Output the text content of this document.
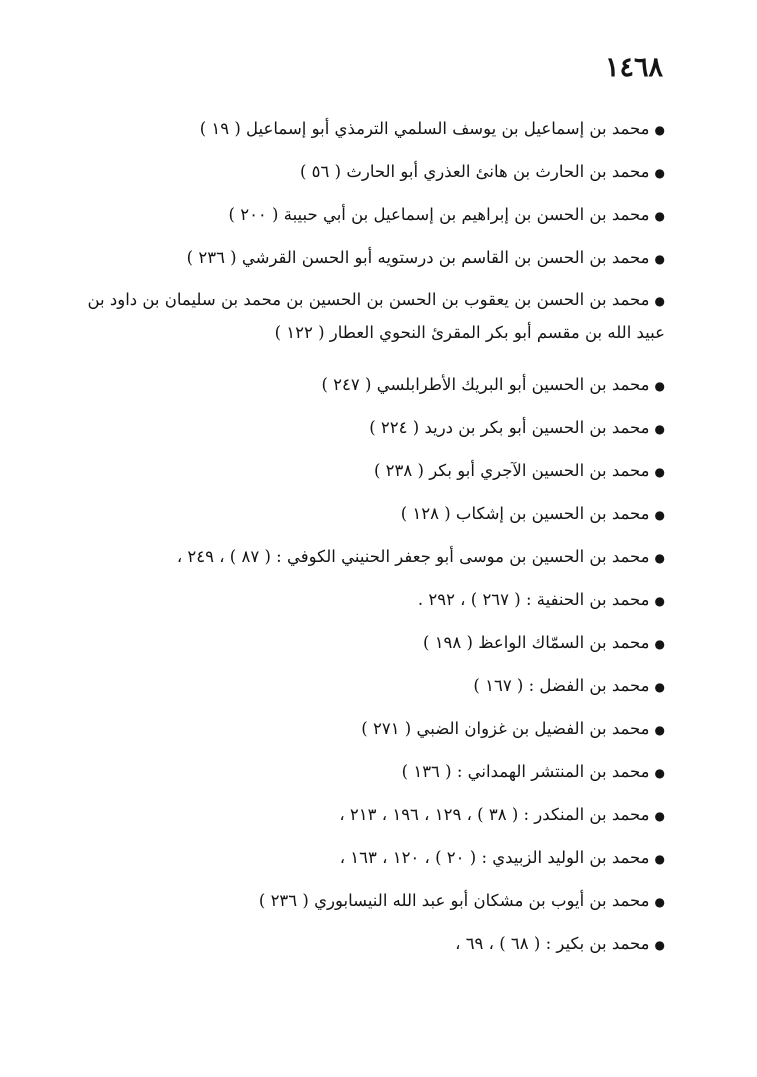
١٤٦٨
●محمد بن إسماعيل بن يوسف السلمي الترمذي أبو إسماعيل ( ١٩ )
●محمد بن الحارث بن هانئ العذري أبو الحارث ( ٥٦ )
●محمد بن الحسن بن إبراهيم بن إسماعيل بن أبي حبيبة ( ٢٠٠ )
●محمد بن الحسن بن القاسم بن درستويه أبو الحسن القرشي ( ٢٣٦ )
●محمد بن الحسن بن يعقوب بن الحسن بن الحسين بن محمد بن سليمان بن داود بن عبيد الله بن مقسم أبو بكر المقرئ النحوي العطار ( ١٢٢ )
●محمد بن الحسين أبو البريك الأطرابلسي ( ٢٤٧ )
●محمد بن الحسين أبو بكر بن دريد ( ٢٢٤ )
●محمد بن الحسين الآجري أبو بكر ( ٢٣٨ )
●محمد بن الحسين بن إشكاب ( ١٢٨ )
●محمد بن الحسين بن موسى أبو جعفر الحنيني الكوفي : ( ٨٧ ) ، ٢٤٩ ،
●محمد بن الحنفية : ( ٢٦٧ ) ، ٢٩٢ .
●محمد بن السمّاك الواعظ ( ١٩٨ )
●محمد بن الفضل : ( ١٦٧ )
●محمد بن الفضيل بن غزوان الضبي ( ٢٧١ )
●محمد بن المنتشر الهمداني : ( ١٣٦ )
●محمد بن المنكدر : ( ٣٨ ) ، ١٢٩ ، ١٩٦ ، ٢١٣ ،
●محمد بن الوليد الزبيدي : ( ٢٠ ) ، ١٢٠ ، ١٦٣ ،
●محمد بن أيوب بن مشكان أبو عبد الله النيسابوري ( ٢٣٦ )
●محمد بن بكير : ( ٦٨ ) ، ٦٩ ،
